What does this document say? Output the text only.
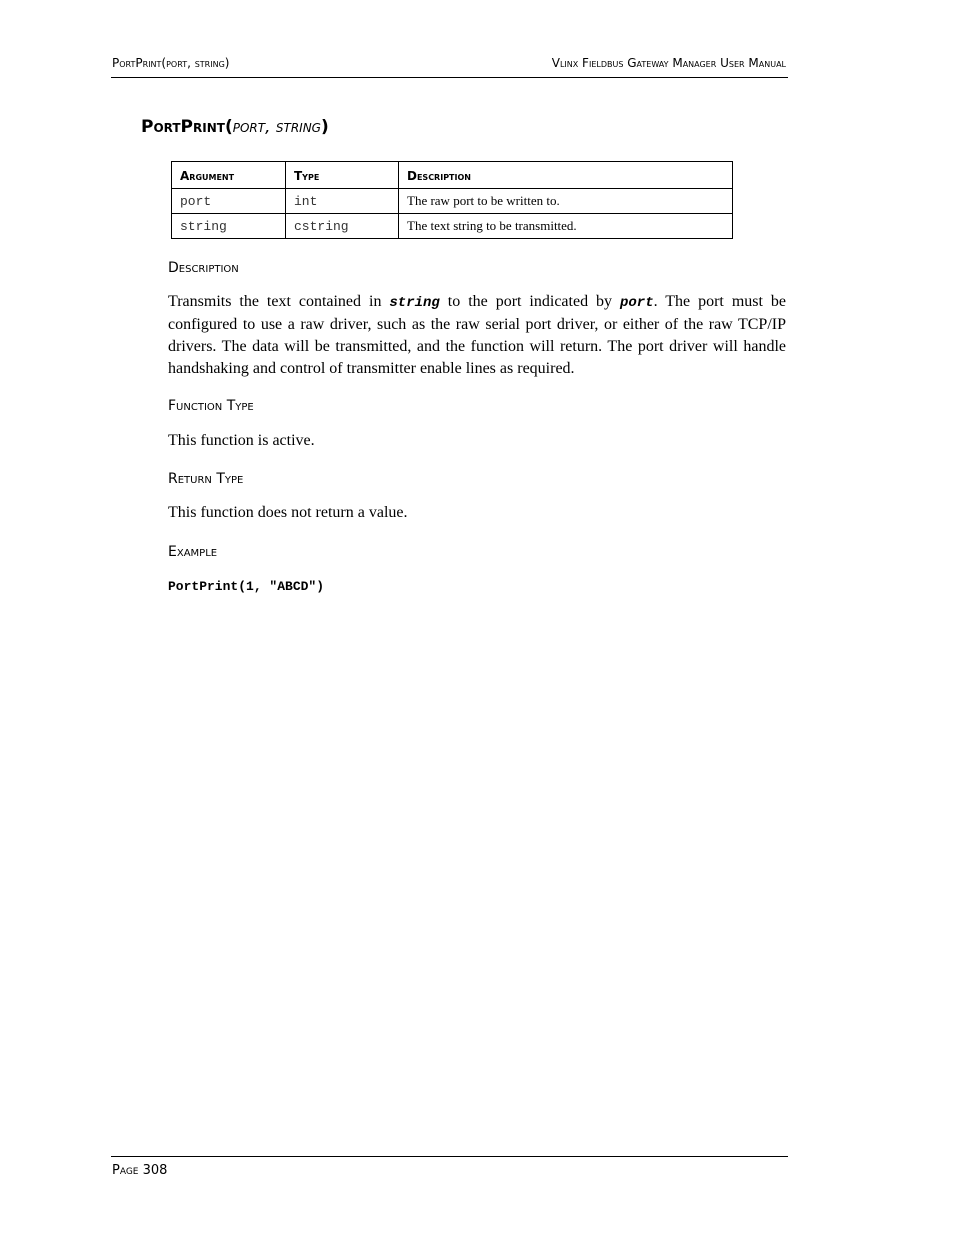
PortPrint(port, string)	Vlinx Fieldbus Gateway Manager User Manual
PortPrint(port, string)
Argument	Type	Description
port	int	The raw port to be written to.
string	cstring	The text string to be transmitted.
Description
Transmits the text contained in string to the port indicated by port. The port must be configured to use a raw driver, such as the raw serial port driver, or either of the raw TCP/IP drivers. The data will be transmitted, and the function will return. The port driver will handle handshaking and control of transmitter enable lines as required.
Function Type
This function is active.
Return Type
This function does not return a value.
Example
PortPrint(1, "ABCD")
Page 308
